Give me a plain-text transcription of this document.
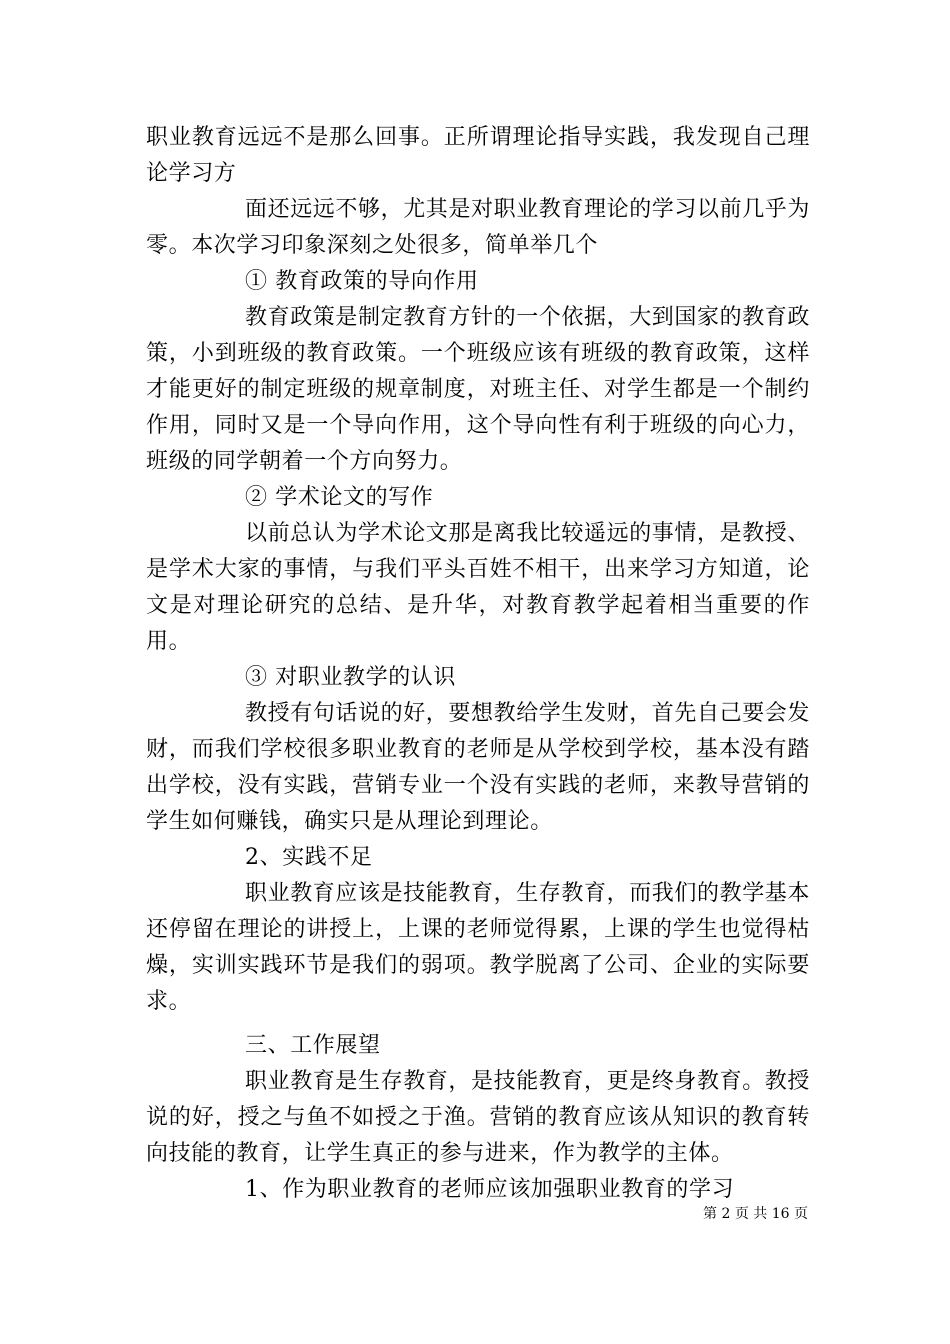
职业教育远远不是那么回事。正所谓理论指导实践，我发现自己理论学习方

面还远远不够，尤其是对职业教育理论的学习以前几乎为零。本次学习印象深刻之处很多，简单举几个

① 教育政策的导向作用

教育政策是制定教育方针的一个依据，大到国家的教育政策，小到班级的教育政策。一个班级应该有班级的教育政策，这样才能更好的制定班级的规章制度，对班主任、对学生都是一个制约作用，同时又是一个导向作用，这个导向性有利于班级的向心力，班级的同学朝着一个方向努力。

② 学术论文的写作

以前总认为学术论文那是离我比较遥远的事情，是教授、是学术大家的事情，与我们平头百姓不相干，出来学习方知道，论文是对理论研究的总结、是升华，对教育教学起着相当重要的作用。

③ 对职业教学的认识

教授有句话说的好，要想教给学生发财，首先自己要会发财，而我们学校很多职业教育的老师是从学校到学校，基本没有踏出学校，没有实践，营销专业一个没有实践的老师，来教导营销的学生如何赚钱，确实只是从理论到理论。

2、实践不足

职业教育应该是技能教育，生存教育，而我们的教学基本还停留在理论的讲授上，上课的老师觉得累，上课的学生也觉得枯燥，实训实践环节是我们的弱项。教学脱离了公司、企业的实际要求。

三、工作展望

职业教育是生存教育，是技能教育，更是终身教育。教授说的好，授之与鱼不如授之于渔。营销的教育应该从知识的教育转向技能的教育，让学生真正的参与进来，作为教学的主体。

1、作为职业教育的老师应该加强职业教育的学习

第 2 页 共 16 页
